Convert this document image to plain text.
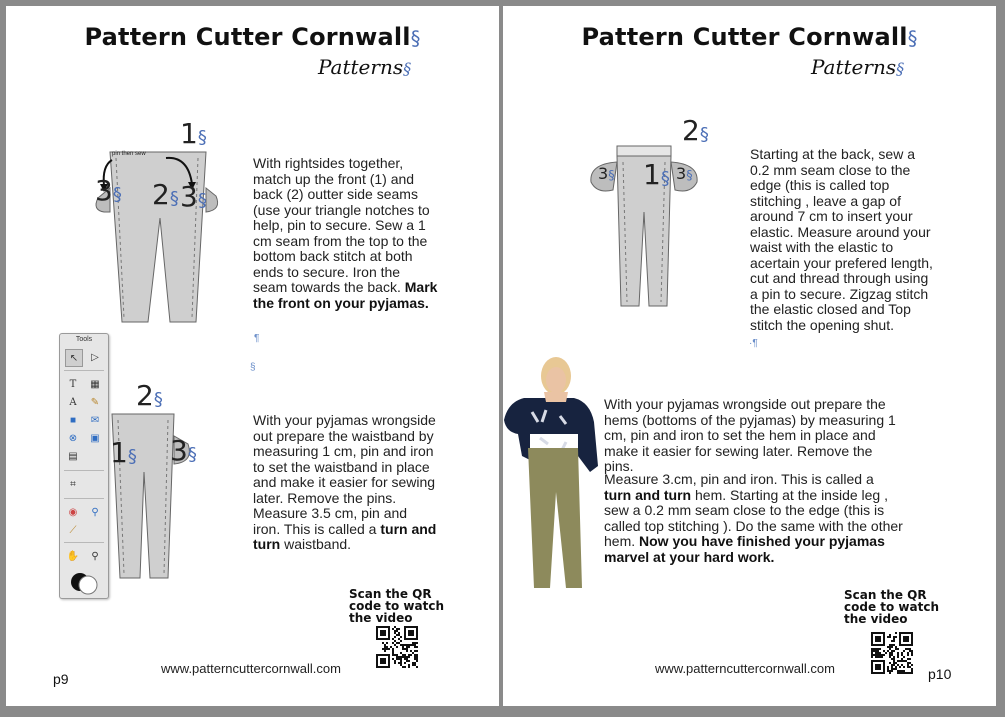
Pattern Cutter Cornwall§
Patterns§
1§
pin then sew
3§ 2§ 3§
With rightsides together, match up the front (1) and back (2) outter side seams (use your triangle notches to help, pin to secure. Sew a 1 cm seam from the top to the bottom back stitch at both ends to secure. Iron the seam towards the back. Mark the front on your pyjamas.
¶
§
2§
1§ 3§
With your pyjamas wrongside out prepare the waistband by measuring 1 cm, pin and iron to set the waistband in place and make it easier for sewing later. Remove the pins. Measure 3.5 cm, pin and iron. This is called a turn and turn waistband.
Scan the QR
code to watch
the video
www.patterncuttercornwall.com
p9
Pattern Cutter Cornwall§
Patterns§
2§
1§
3§	3§
Starting at the back, sew a 0.2 mm seam close to the edge (this is called top stitching , leave a gap of around 7 cm to insert your elastic. Measure around your waist with the elastic to acertain your prefered length, cut and thread through using a pin to secure. Zigzag stitch the elastic closed and Top stitch the opening shut.
·¶
With your pyjamas wrongside out prepare the hems (bottoms of the pyjamas) by measuring 1 cm, pin and iron to set the hem in place and make it easier for sewing later. Remove the pins.
Measure 3.cm, pin and iron. This is called a turn and turn hem. Starting at the inside leg , sew a 0.2 mm seam close to the edge (this is called top stitching ). Do the same with the other hem. Now you have finished your pyjamas marvel at your hard work.
Scan the QR
code to watch
the video
www.patterncuttercornwall.com	p10
Tools
↖	▷
T	▦
A	✎
■	✉
⊗	▣
▤
⌗
◉	⚲
⟋
✋	⚲
